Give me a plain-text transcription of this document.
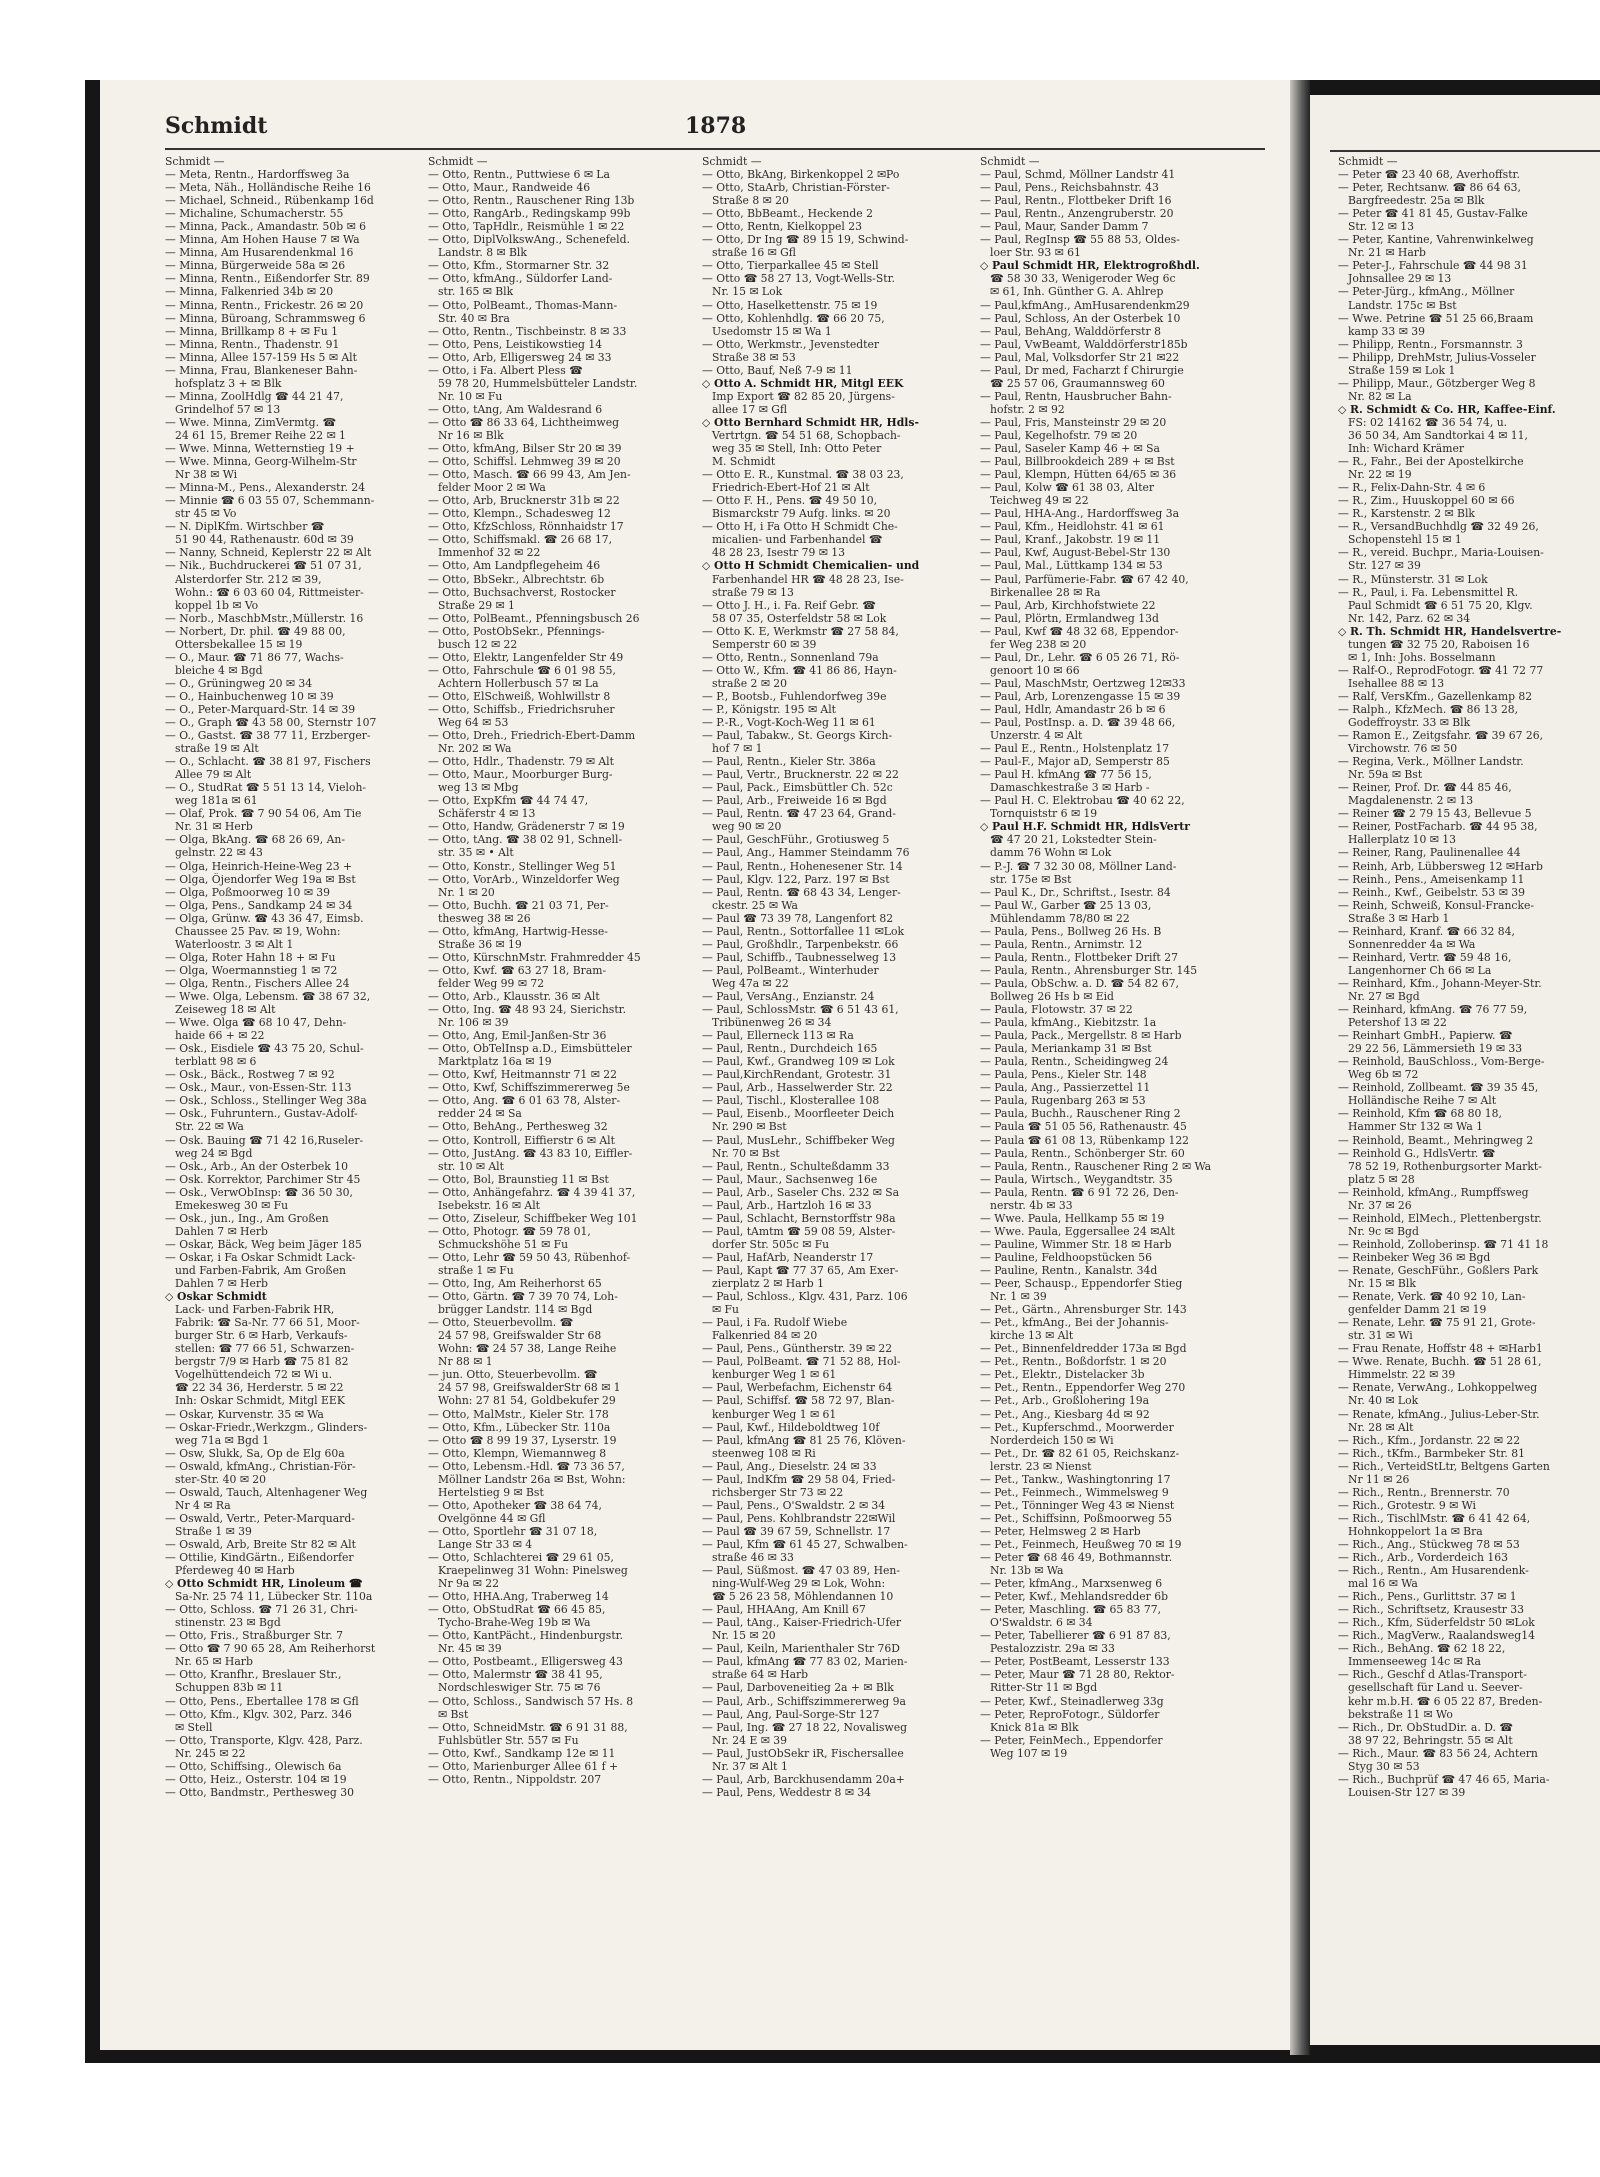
Schmidt	1878
Schmidt —
— Meta, Rentn., Hardorffsweg 3a
— Meta, Näh., Holländische Reihe 16
— Michael, Schneid., Rübenkamp 16d
— Michaline, Schumacherstr. 55
— Minna, Pack., Amandastr. 50b ✉ 6
— Minna, Am Hohen Hause 7 ✉ Wa
— Minna, Am Husarendenkmal 16
— Minna, Bürgerweide 58a ✉ 26
— Minna, Rentn., Eißendorfer Str. 89
— Minna, Falkenried 34b ✉ 20
— Minna, Rentn., Frickestr. 26 ✉ 20
— Minna, Büroang, Schrammsweg 6
— Minna, Brillkamp 8 + ✉ Fu 1
— Minna, Rentn., Thadenstr. 91
— Minna, Allee 157-159 Hs 5 ✉ Alt
— Minna, Frau, Blankeneser Bahn-
hofsplatz 3 + ✉ Blk
— Minna, ZoolHdlg ☎ 44 21 47,
Grindelhof 57 ✉ 13
— Wwe. Minna, ZimVermtg. ☎
24 61 15, Bremer Reihe 22 ✉ 1
— Wwe. Minna, Wetternstieg 19 +
— Wwe. Minna, Georg-Wilhelm-Str
Nr 38 ✉ Wi
— Minna-M., Pens., Alexanderstr. 24
— Minnie ☎ 6 03 55 07, Schemmann-
str 45 ✉ Vo
— N. DiplKfm. Wirtschber ☎
51 90 44, Rathenaustr. 60d ✉ 39
— Nanny, Schneid, Keplerstr 22 ✉ Alt
— Nik., Buchdruckerei ☎ 51 07 31,
Alsterdorfer Str. 212 ✉ 39,
Wohn.: ☎ 6 03 60 04, Rittmeister-
koppel 1b ✉ Vo
— Norb., MaschbMstr.,Müllerstr. 16
— Norbert, Dr. phil. ☎ 49 88 00,
Ottersbekallee 15 ✉ 19
— O., Maur. ☎ 71 86 77, Wachs-
bleiche 4 ✉ Bgd
— O., Grüningweg 20 ✉ 34
— O., Hainbuchenweg 10 ✉ 39
— O., Peter-Marquard-Str. 14 ✉ 39
— O., Graph ☎ 43 58 00, Sternstr 107
— O., Gastst. ☎ 38 77 11, Erzberger-
straße 19 ✉ Alt
— O., Schlacht. ☎ 38 81 97, Fischers
Allee 79 ✉ Alt
— O., StudRat ☎ 5 51 13 14, Vieloh-
weg 181a ✉ 61
— Olaf, Prok. ☎ 7 90 54 06, Am Tie
Nr. 31 ✉ Herb
— Olga, BkAng. ☎ 68 26 69, An-
gelnstr. 22 ✉ 43
— Olga, Heinrich-Heine-Weg 23 +
— Olga, Öjendorfer Weg 19a ✉ Bst
— Olga, Poßmoorweg 10 ✉ 39
— Olga, Pens., Sandkamp 24 ✉ 34
— Olga, Grünw. ☎ 43 36 47, Eimsb.
Chaussee 25 Pav. ✉ 19, Wohn:
Waterloostr. 3 ✉ Alt 1
— Olga, Roter Hahn 18 + ✉ Fu
— Olga, Woermannstieg 1 ✉ 72
— Olga, Rentn., Fischers Allee 24
— Wwe. Olga, Lebensm. ☎ 38 67 32,
Zeiseweg 18 ✉ Alt
— Wwe. Olga ☎ 68 10 47, Dehn-
haide 66 + ✉ 22
— Osk., Eisdiele ☎ 43 75 20, Schul-
terblatt 98 ✉ 6
— Osk., Bäck., Rostweg 7 ✉ 92
— Osk., Maur., von-Essen-Str. 113
— Osk., Schloss., Stellinger Weg 38a
— Osk., Fuhruntern., Gustav-Adolf-
Str. 22 ✉ Wa
— Osk. Bauing ☎ 71 42 16,Ruseler-
weg 24 ✉ Bgd
— Osk., Arb., An der Osterbek 10
— Osk. Korrektor, Parchimer Str 45
— Osk., VerwObInsp: ☎ 36 50 30,
Emekesweg 30 ✉ Fu
— Osk., jun., Ing., Am Großen
Dahlen 7 ✉ Herb
— Oskar, Bäck, Weg beim Jäger 185
— Oskar, i Fa Oskar Schmidt Lack-
und Farben-Fabrik, Am Großen
Dahlen 7 ✉ Herb
◇ Oskar Schmidt
Lack- und Farben-Fabrik HR,
Fabrik: ☎ Sa-Nr. 77 66 51, Moor-
burger Str. 6 ✉ Harb, Verkaufs-
stellen: ☎ 77 66 51, Schwarzen-
bergstr 7/9 ✉ Harb ☎ 75 81 82
Vogelhüttendeich 72 ✉ Wi u.
☎ 22 34 36, Herderstr. 5 ✉ 22
Inh: Oskar Schmidt, Mitgl EEK
— Oskar, Kurvenstr. 35 ✉ Wa
— Oskar-Friedr.,Werkzgm., Glinders-
weg 71a ✉ Bgd 1
— Osw, Slukk, Sa, Op de Elg 60a
— Oswald, kfmAng., Christian-För-
ster-Str. 40 ✉ 20
— Oswald, Tauch, Altenhagener Weg
Nr 4 ✉ Ra
— Oswald, Vertr., Peter-Marquard-
Straße 1 ✉ 39
— Oswald, Arb, Breite Str 82 ✉ Alt
— Ottilie, KindGärtn., Eißendorfer
Pferdeweg 40 ✉ Harb
◇ Otto Schmidt HR, Linoleum ☎
Sa-Nr. 25 74 11, Lübecker Str. 110a
— Otto, Schloss. ☎ 71 26 31, Chri-
stinenstr. 23 ✉ Bgd
— Otto, Fris., Straßburger Str. 7
— Otto ☎ 7 90 65 28, Am Reiherhorst
Nr. 65 ✉ Harb
— Otto, Kranfhr., Breslauer Str.,
Schuppen 83b ✉ 11
— Otto, Pens., Ebertallee 178 ✉ Gfl
— Otto, Kfm., Klgv. 302, Parz. 346
✉ Stell
— Otto, Transporte, Klgv. 428, Parz.
Nr. 245 ✉ 22
— Otto, Schiffsing., Olewisch 6a
— Otto, Heiz., Osterstr. 104 ✉ 19
— Otto, Bandmstr., Perthesweg 30
Schmidt —
— Otto, Rentn., Puttwiese 6 ✉ La
— Otto, Maur., Randweide 46
— Otto, Rentn., Rauschener Ring 13b
— Otto, RangArb., Redingskamp 99b
— Otto, TapHdlr., Reismühle 1 ✉ 22
— Otto, DiplVolkswAng., Schenefeld.
Landstr. 8 ✉ Blk
— Otto, Kfm., Stormarner Str. 32
— Otto, kfmAng., Süldorfer Land-
str. 165 ✉ Blk
— Otto, PolBeamt., Thomas-Mann-
Str. 40 ✉ Bra
— Otto, Rentn., Tischbeinstr. 8 ✉ 33
— Otto, Pens, Leistikowstieg 14
— Otto, Arb, Elligersweg 24 ✉ 33
— Otto, i Fa. Albert Pless ☎
59 78 20, Hummelsbütteler Landstr.
Nr. 10 ✉ Fu
— Otto, tAng, Am Waldesrand 6
— Otto ☎ 86 33 64, Lichtheimweg
Nr 16 ✉ Blk
— Otto, kfmAng, Bilser Str 20 ✉ 39
— Otto, Schiffsl. Lehmweg 39 ✉ 20
— Otto, Masch. ☎ 66 99 43, Am Jen-
felder Moor 2 ✉ Wa
— Otto, Arb, Brucknerstr 31b ✉ 22
— Otto, Klempn., Schadesweg 12
— Otto, KfzSchloss, Rönnhaidstr 17
— Otto, Schiffsmakl. ☎ 26 68 17,
Immenhof 32 ✉ 22
— Otto, Am Landpflegeheim 46
— Otto, BbSekr., Albrechtstr. 6b
— Otto, Buchsachverst, Rostocker
Straße 29 ✉ 1
— Otto, PolBeamt., Pfenningsbusch 26
— Otto, PostObSekr., Pfennings-
busch 12 ✉ 22
— Otto, Elektr, Langenfelder Str 49
— Otto, Fahrschule ☎ 6 01 98 55,
Achtern Hollerbusch 57 ✉ La
— Otto, ElSchweiß, Wohlwillstr 8
— Otto, Schiffsb., Friedrichsruher
Weg 64 ✉ 53
— Otto, Dreh., Friedrich-Ebert-Damm
Nr. 202 ✉ Wa
— Otto, Hdlr., Thadenstr. 79 ✉ Alt
— Otto, Maur., Moorburger Burg-
weg 13 ✉ Mbg
— Otto, ExpKfm ☎ 44 74 47,
Schäferstr 4 ✉ 13
— Otto, Handw, Grädenerstr 7 ✉ 19
— Otto, tAng. ☎ 38 02 91, Schnell-
str. 35 ✉ • Alt
— Otto, Konstr., Stellinger Weg 51
— Otto, VorArb., Winzeldorfer Weg
Nr. 1 ✉ 20
— Otto, Buchh. ☎ 21 03 71, Per-
thesweg 38 ✉ 26
— Otto, kfmAng, Hartwig-Hesse-
Straße 36 ✉ 19
— Otto, KürschnMstr. Frahmredder 45
— Otto, Kwf. ☎ 63 27 18, Bram-
felder Weg 99 ✉ 72
— Otto, Arb., Klausstr. 36 ✉ Alt
— Otto, Ing. ☎ 48 93 24, Sierichstr.
Nr. 106 ✉ 39
— Otto, Ang, Emil-Janßen-Str 36
— Otto, ObTelInsp a.D., Eimsbütteler
Marktplatz 16a ✉ 19
— Otto, Kwf, Heitmannstr 71 ✉ 22
— Otto, Kwf, Schiffszimmererweg 5e
— Otto, Ang. ☎ 6 01 63 78, Alster-
redder 24 ✉ Sa
— Otto, BehAng., Perthesweg 32
— Otto, Kontroll, Eiffierstr 6 ✉ Alt
— Otto, JustAng. ☎ 43 83 10, Eiffler-
str. 10 ✉ Alt
— Otto, Bol, Braunstieg 11 ✉ Bst
— Otto, Anhängefahrz. ☎ 4 39 41 37,
Isebekstr. 16 ✉ Alt
— Otto, Ziseleur, Schiffbeker Weg 101
— Otto, Photogr. ☎ 59 78 01,
Schmuckshöhe 51 ✉ Fu
— Otto, Lehr ☎ 59 50 43, Rübenhof-
straße 1 ✉ Fu
— Otto, Ing, Am Reiherhorst 65
— Otto, Gärtn. ☎ 7 39 70 74, Loh-
brügger Landstr. 114 ✉ Bgd
— Otto, Steuerbevollm. ☎
24 57 98, Greifswalder Str 68
Wohn: ☎ 24 57 38, Lange Reihe
Nr 88 ✉ 1
— jun. Otto, Steuerbevollm. ☎
24 57 98, GreifswalderStr 68 ✉ 1
Wohn: 27 81 54, Goldbekufer 29
— Otto, MalMstr., Kieler Str. 178
— Otto, Kfm., Lübecker Str. 110a
— Otto ☎ 8 99 19 37, Lyserstr. 19
— Otto, Klempn, Wiemannweg 8
— Otto, Lebensm.-Hdl. ☎ 73 36 57,
Möllner Landstr 26a ✉ Bst, Wohn:
Hertelstieg 9 ✉ Bst
— Otto, Apotheker ☎ 38 64 74,
Ovelgönne 44 ✉ Gfl
— Otto, Sportlehr ☎ 31 07 18,
Lange Str 33 ✉ 4
— Otto, Schlachterei ☎ 29 61 05,
Kraepelinweg 31 Wohn: Pinelsweg
Nr 9a ✉ 22
— Otto, HHA.Ang, Traberweg 14
— Otto, ObStudRat ☎ 66 45 85,
Tycho-Brahe-Weg 19b ✉ Wa
— Otto, KantPächt., Hindenburgstr.
Nr. 45 ✉ 39
— Otto, Postbeamt., Elligersweg 43
— Otto, Malermstr ☎ 38 41 95,
Nordschleswiger Str. 75 ✉ 76
— Otto, Schloss., Sandwisch 57 Hs. 8
✉ Bst
— Otto, SchneidMstr. ☎ 6 91 31 88,
Fuhlsbütler Str. 557 ✉ Fu
— Otto, Kwf., Sandkamp 12e ✉ 11
— Otto, Marienburger Allee 61 f +
— Otto, Rentn., Nippoldstr. 207
Schmidt —
— Otto, BkAng, Birkenkoppel 2 ✉Po
— Otto, StaArb, Christian-Förster-
Straße 8 ✉ 20
— Otto, BbBeamt., Heckende 2
— Otto, Rentn, Kielkoppel 23
— Otto, Dr Ing ☎ 89 15 19, Schwind-
straße 16 ✉ Gfl
— Otto, Tierparkallee 45 ✉ Stell
— Otto ☎ 58 27 13, Vogt-Wells-Str.
Nr. 15 ✉ Lok
— Otto, Haselkettenstr. 75 ✉ 19
— Otto, Kohlenhdlg. ☎ 66 20 75,
Usedomstr 15 ✉ Wa 1
— Otto, Werkmstr., Jevenstedter
Straße 38 ✉ 53
— Otto, Bauf, Neß 7-9 ✉ 11
◇ Otto A. Schmidt HR, Mitgl EEK
Imp Export ☎ 82 85 20, Jürgens-
allee 17 ✉ Gfl
◇ Otto Bernhard Schmidt HR, Hdls-
Vertrtgn. ☎ 54 51 68, Schopbach-
weg 35 ✉ Stell, Inh: Otto Peter
M. Schmidt
— Otto E. R., Kunstmal. ☎ 38 03 23,
Friedrich-Ebert-Hof 21 ✉ Alt
— Otto F. H., Pens. ☎ 49 50 10,
Bismarckstr 79 Aufg. links. ✉ 20
— Otto H, i Fa Otto H Schmidt Che-
micalien- und Farbenhandel ☎
48 28 23, Isestr 79 ✉ 13
◇ Otto H Schmidt Chemicalien- und
Farbenhandel HR ☎ 48 28 23, Ise-
straße 79 ✉ 13
— Otto J. H., i. Fa. Reif Gebr. ☎
58 07 35, Osterfeldstr 58 ✉ Lok
— Otto K. E, Werkmstr ☎ 27 58 84,
Semperstr 60 ✉ 39
— Otto, Rentn., Sonnenland 79a
— Otto W., Kfm. ☎ 41 86 86, Hayn-
straße 2 ✉ 20
— P., Bootsb., Fuhlendorfweg 39e
— P., Königstr. 195 ✉ Alt
— P.-R., Vogt-Koch-Weg 11 ✉ 61
— Paul, Tabakw., St. Georgs Kirch-
hof 7 ✉ 1
— Paul, Rentn., Kieler Str. 386a
— Paul, Vertr., Brucknerstr. 22 ✉ 22
— Paul, Pack., Eimsbüttler Ch. 52c
— Paul, Arb., Freiweide 16 ✉ Bgd
— Paul, Rentn. ☎ 47 23 64, Grand-
weg 90 ✉ 20
— Paul, GeschFühr., Grotiusweg 5
— Paul, Ang., Hammer Steindamm 76
— Paul, Rentn., Hohenesener Str. 14
— Paul, Klgv. 122, Parz. 197 ✉ Bst
— Paul, Rentn. ☎ 68 43 34, Lenger-
ckestr. 25 ✉ Wa
— Paul ☎ 73 39 78, Langenfort 82
— Paul, Rentn., Sottorfallee 11 ✉Lok
— Paul, Großhdlr., Tarpenbekstr. 66
— Paul, Schiffb., Taubnesselweg 13
— Paul, PolBeamt., Winterhuder
Weg 47a ✉ 22
— Paul, VersAng., Enzianstr. 24
— Paul, SchlossMstr. ☎ 6 51 43 61,
Tribünenweg 26 ✉ 34
— Paul, Ellerneck 113 ✉ Ra
— Paul, Rentn., Durchdeich 165
— Paul, Kwf., Grandweg 109 ✉ Lok
— Paul,KirchRendant, Grotestr. 31
— Paul, Arb., Hasselwerder Str. 22
— Paul, Tischl., Klosterallee 108
— Paul, Eisenb., Moorfleeter Deich
Nr. 290 ✉ Bst
— Paul, MusLehr., Schiffbeker Weg
Nr. 70 ✉ Bst
— Paul, Rentn., Schulteßdamm 33
— Paul, Maur., Sachsenweg 16e
— Paul, Arb., Saseler Chs. 232 ✉ Sa
— Paul, Arb., Hartzloh 16 ✉ 33
— Paul, Schlacht, Bernstorffstr 98a
— Paul, tAmtm ☎ 59 08 59, Alster-
dorfer Str. 505c ✉ Fu
— Paul, HafArb, Neanderstr 17
— Paul, Kapt ☎ 77 37 65, Am Exer-
zierplatz 2 ✉ Harb 1
— Paul, Schloss., Klgv. 431, Parz. 106
✉ Fu
— Paul, i Fa. Rudolf Wiebe
Falkenried 84 ✉ 20
— Paul, Pens., Güntherstr. 39 ✉ 22
— Paul, PolBeamt. ☎ 71 52 88, Hol-
kenburger Weg 1 ✉ 61
— Paul, Werbefachm, Eichenstr 64
— Paul, Schiffsf. ☎ 58 72 97, Blan-
kenburger Weg 1 ✉ 61
— Paul, Kwf., Hildeboldtweg 10f
— Paul, kfmAng ☎ 81 25 76, Klöven-
steenweg 108 ✉ Ri
— Paul, Ang., Dieselstr. 24 ✉ 33
— Paul, IndKfm ☎ 29 58 04, Fried-
richsberger Str 73 ✉ 22
— Paul, Pens., O'Swaldstr. 2 ✉ 34
— Paul, Pens. Kohlbrandstr 22✉Wil
— Paul ☎ 39 67 59, Schnellstr. 17
— Paul, Kfm ☎ 61 45 27, Schwalben-
straße 46 ✉ 33
— Paul, Süßmost. ☎ 47 03 89, Hen-
ning-Wulf-Weg 29 ✉ Lok, Wohn:
☎ 5 26 23 58, Möhlendannen 10
— Paul, HHAAng, Am Knill 67
— Paul, tAng., Kaiser-Friedrich-Ufer
Nr. 15 ✉ 20
— Paul, Keiln, Marienthaler Str 76D
— Paul, kfmAng ☎ 77 83 02, Marien-
straße 64 ✉ Harb
— Paul, Darboveneitieg 2a + ✉ Blk
— Paul, Arb., Schiffszimmererweg 9a
— Paul, Ang, Paul-Sorge-Str 127
— Paul, Ing. ☎ 27 18 22, Novalisweg
Nr. 24 E ✉ 39
— Paul, JustObSekr iR, Fischersallee
Nr. 37 ✉ Alt 1
— Paul, Arb, Barckhusendamm 20a+
— Paul, Pens, Weddestr 8 ✉ 34
Schmidt —
— Paul, Schmd, Möllner Landstr 41
— Paul, Pens., Reichsbahnstr. 43
— Paul, Rentn., Flottbeker Drift 16
— Paul, Rentn., Anzengruberstr. 20
— Paul, Maur, Sander Damm 7
— Paul, RegInsp ☎ 55 88 53, Oldes-
loer Str. 93 ✉ 61
◇ Paul Schmidt HR, Elektrogroßhdl.
☎ 58 30 33, Wenigeroder Weg 6c
✉ 61, Inh. Günther G. A. Ahlrep
— Paul,kfmAng., AmHusarendenkm29
— Paul, Schloss, An der Osterbek 10
— Paul, BehAng, Walddörferstr 8
— Paul, VwBeamt, Walddörferstr185b
— Paul, Mal, Volksdorfer Str 21 ✉22
— Paul, Dr med, Facharzt f Chirurgie
☎ 25 57 06, Graumannsweg 60
— Paul, Rentn, Hausbrucher Bahn-
hofstr. 2 ✉ 92
— Paul, Fris, Mansteinstr 29 ✉ 20
— Paul, Kegelhofstr. 79 ✉ 20
— Paul, Saseler Kamp 46 + ✉ Sa
— Paul, Billbrookdeich 289 + ✉ Bst
— Paul, Klempn, Hütten 64/65 ✉ 36
— Paul, Kolw ☎ 61 38 03, Alter
Teichweg 49 ✉ 22
— Paul, HHA-Ang., Hardorffsweg 3a
— Paul, Kfm., Heidlohstr. 41 ✉ 61
— Paul, Kranf., Jakobstr. 19 ✉ 11
— Paul, Kwf, August-Bebel-Str 130
— Paul, Mal., Lüttkamp 134 ✉ 53
— Paul, Parfümerie-Fabr. ☎ 67 42 40,
Birkenallee 28 ✉ Ra
— Paul, Arb, Kirchhofstwiete 22
— Paul, Plörtn, Ermlandweg 13d
— Paul, Kwf ☎ 48 32 68, Eppendor-
fer Weg 238 ✉ 20
— Paul, Dr., Lehr. ☎ 6 05 26 71, Rö-
genoort 10 ✉ 66
— Paul, MaschMstr, Oertzweg 12✉33
— Paul, Arb, Lorenzengasse 15 ✉ 39
— Paul, Hdlr, Amandastr 26 b ✉ 6
— Paul, PostInsp. a. D. ☎ 39 48 66,
Unzerstr. 4 ✉ Alt
— Paul E., Rentn., Holstenplatz 17
— Paul-F., Major aD, Semperstr 85
— Paul H. kfmAng ☎ 77 56 15,
Damaschkestraße 3 ✉ Harb -
— Paul H. C. Elektrobau ☎ 40 62 22,
Tornquiststr 6 ✉ 19
◇ Paul H.F. Schmidt HR, HdlsVertr
☎ 47 20 21, Lokstedter Stein-
damm 76 Wohn ✉ Lok
— P.-J. ☎ 7 32 30 08, Möllner Land-
str. 175e ✉ Bst
— Paul K., Dr., Schriftst., Isestr. 84
— Paul W., Garber ☎ 25 13 03,
Mühlendamm 78/80 ✉ 22
— Paula, Pens., Bollweg 26 Hs. B
— Paula, Rentn., Arnimstr. 12
— Paula, Rentn., Flottbeker Drift 27
— Paula, Rentn., Ahrensburger Str. 145
— Paula, ObSchw. a. D. ☎ 54 82 67,
Bollweg 26 Hs b ✉ Eid
— Paula, Flotowstr. 37 ✉ 22
— Paula, kfmAng., Kiebitzstr. 1a
— Paula, Pack., Mergellstr. 8 ✉ Harb
— Paula, Meriankamp 31 ✉ Bst
— Paula, Rentn., Scheidingweg 24
— Paula, Pens., Kieler Str. 148
— Paula, Ang., Passierzettel 11
— Paula, Rugenbarg 263 ✉ 53
— Paula, Buchh., Rauschener Ring 2
— Paula ☎ 51 05 56, Rathenaustr. 45
— Paula ☎ 61 08 13, Rübenkamp 122
— Paula, Rentn., Schönberger Str. 60
— Paula, Rentn., Rauschener Ring 2 ✉ Wa
— Paula, Wirtsch., Weygandtstr. 35
— Paula, Rentn. ☎ 6 91 72 26, Den-
nerstr. 4b ✉ 33
— Wwe. Paula, Hellkamp 55 ✉ 19
— Wwe. Paula, Eggersallee 24 ✉Alt
— Pauline, Wimmer Str. 18 ✉ Harb
— Pauline, Feldhoopstücken 56
— Pauline, Rentn., Kanalstr. 34d
— Peer, Schausp., Eppendorfer Stieg
Nr. 1 ✉ 39
— Pet., Gärtn., Ahrensburger Str. 143
— Pet., kfmAng., Bei der Johannis-
kirche 13 ✉ Alt
— Pet., Binnenfeldredder 173a ✉ Bgd
— Pet., Rentn., Boßdorfstr. 1 ✉ 20
— Pet., Elektr., Distelacker 3b
— Pet., Rentn., Eppendorfer Weg 270
— Pet., Arb., Großlohering 19a
— Pet., Ang., Kiesbarg 4d ✉ 92
— Pet., Kupferschmd., Moorwerder
Norderdeich 150 ✉ Wi
— Pet., Dr. ☎ 82 61 05, Reichskanz-
lerstr. 23 ✉ Nienst
— Pet., Tankw., Washingtonring 17
— Pet., Feinmech., Wimmelsweg 9
— Pet., Tönninger Weg 43 ✉ Nienst
— Pet., Schiffsinn, Poßmoorweg 55
— Peter, Helmsweg 2 ✉ Harb
— Pet., Feinmech, Heußweg 70 ✉ 19
— Peter ☎ 68 46 49, Bothmannstr.
Nr. 13b ✉ Wa
— Peter, kfmAng., Marxsenweg 6
— Peter, Kwf., Mehlandsredder 6b
— Peter, Maschling. ☎ 65 83 77,
O'Swaldstr. 6 ✉ 34
— Peter, Tabellierer ☎ 6 91 87 83,
Pestalozzistr. 29a ✉ 33
— Peter, PostBeamt, Lesserstr 133
— Peter, Maur ☎ 71 28 80, Rektor-
Ritter-Str 11 ✉ Bgd
— Peter, Kwf., Steinadlerweg 33g
— Peter, ReproFotogr., Süldorfer
Knick 81a ✉ Blk
— Peter, FeinMech., Eppendorfer
Weg 107 ✉ 19
Schmidt —
— Peter ☎ 23 40 68, Averhoffstr.
— Peter, Rechtsanw. ☎ 86 64 63,
Bargfreedestr. 25a ✉ Blk
— Peter ☎ 41 81 45, Gustav-Falke
Str. 12 ✉ 13
— Peter, Kantine, Vahrenwinkelweg
Nr. 21 ✉ Harb
— Peter-J., Fahrschule ☎ 44 98 31
Johnsallee 29 ✉ 13
— Peter-Jürg., kfmAng., Möllner
Landstr. 175c ✉ Bst
— Wwe. Petrine ☎ 51 25 66,Braam
kamp 33 ✉ 39
— Philipp, Rentn., Forsmannstr. 3
— Philipp, DrehMstr, Julius-Vosseler
Straße 159 ✉ Lok 1
— Philipp, Maur., Götzberger Weg 8
Nr. 82 ✉ La
◇ R. Schmidt & Co. HR, Kaffee-Einf.
FS: 02 14162 ☎ 36 54 74, u.
36 50 34, Am Sandtorkai 4 ✉ 11,
Inh: Wichard Krämer
— R., Fahr., Bei der Apostelkirche
Nr. 22 ✉ 19
— R., Felix-Dahn-Str. 4 ✉ 6
— R., Zim., Huuskoppel 60 ✉ 66
— R., Karstenstr. 2 ✉ Blk
— R., VersandBuchhdlg ☎ 32 49 26,
Schopenstehl 15 ✉ 1
— R., vereid. Buchpr., Maria-Louisen-
Str. 127 ✉ 39
— R., Münsterstr. 31 ✉ Lok
— R., Paul, i. Fa. Lebensmittel R.
Paul Schmidt ☎ 6 51 75 20, Klgv.
Nr. 142, Parz. 62 ✉ 34
◇ R. Th. Schmidt HR, Handelsvertre-
tungen ☎ 32 75 20, Raboisen 16
✉ 1, Inh: Johs. Bosselmann
— Ralf-O., ReprodFotogr. ☎ 41 72 77
Isehallee 88 ✉ 13
— Ralf, VersKfm., Gazellenkamp 82
— Ralph., KfzMech. ☎ 86 13 28,
Godeffroystr. 33 ✉ Blk
— Ramon E., Zeitgsfahr. ☎ 39 67 26,
Virchowstr. 76 ✉ 50
— Regina, Verk., Möllner Landstr.
Nr. 59a ✉ Bst
— Reiner, Prof. Dr. ☎ 44 85 46,
Magdalenenstr. 2 ✉ 13
— Reiner ☎ 2 79 15 43, Bellevue 5
— Reiner, PostFacharb. ☎ 44 95 38,
Hallerplatz 10 ✉ 13
— Reiner, Rang, Paulinenallee 44
— Reinh, Arb, Lübbersweg 12 ✉Harb
— Reinh., Pens., Ameisenkamp 11
— Reinh., Kwf., Geibelstr. 53 ✉ 39
— Reinh, Schweiß, Konsul-Francke-
Straße 3 ✉ Harb 1
— Reinhard, Kranf. ☎ 66 32 84,
Sonnenredder 4a ✉ Wa
— Reinhard, Vertr. ☎ 59 48 16,
Langenhorner Ch 66 ✉ La
— Reinhard, Kfm., Johann-Meyer-Str.
Nr. 27 ✉ Bgd
— Reinhard, kfmAng. ☎ 76 77 59,
Petershof 13 ✉ 22
— Reinhart GmbH., Papierw. ☎
29 22 56, Lämmersieth 19 ✉ 33
— Reinhold, BauSchloss., Vom-Berge-
Weg 6b ✉ 72
— Reinhold, Zollbeamt. ☎ 39 35 45,
Holländische Reihe 7 ✉ Alt
— Reinhold, Kfm ☎ 68 80 18,
Hammer Str 132 ✉ Wa 1
— Reinhold, Beamt., Mehringweg 2
— Reinhold G., HdlsVertr. ☎
78 52 19, Rothenburgsorter Markt-
platz 5 ✉ 28
— Reinhold, kfmAng., Rumpffsweg
Nr. 37 ✉ 26
— Reinhold, ElMech., Plettenbergstr.
Nr. 9c ✉ Bgd
— Reinhold, Zolloberinsp. ☎ 71 41 18
— Reinbeker Weg 36 ✉ Bgd
— Renate, GeschFühr., Goßlers Park
Nr. 15 ✉ Blk
— Renate, Verk. ☎ 40 92 10, Lan-
genfelder Damm 21 ✉ 19
— Renate, Lehr. ☎ 75 91 21, Grote-
str. 31 ✉ Wi
— Frau Renate, Hoffstr 48 + ✉Harb1
— Wwe. Renate, Buchh. ☎ 51 28 61,
Himmelstr. 22 ✉ 39
— Renate, VerwAng., Lohkoppelweg
Nr. 40 ✉ Lok
— Renate, kfmAng., Julius-Leber-Str.
Nr. 28 ✉ Alt
— Rich., Kfm., Jordanstr. 22 ✉ 22
— Rich., tKfm., Barmbeker Str. 81
— Rich., VerteidStLtr, Beltgens Garten
Nr 11 ✉ 26
— Rich., Rentn., Brennerstr. 70
— Rich., Grotestr. 9 ✉ Wi
— Rich., TischlMstr. ☎ 6 41 42 64,
Hohnkoppelort 1a ✉ Bra
— Rich., Ang., Stückweg 78 ✉ 53
— Rich., Arb., Vorderdeich 163
— Rich., Rentn., Am Husarendenk-
mal 16 ✉ Wa
— Rich., Pens., Gurlittstr. 37 ✉ 1
— Rich., Schriftsetz, Krausestr 33
— Rich., Kfm, Süderfeldstr 50 ✉Lok
— Rich., MagVerw., Raalandsweg14
— Rich., BehAng. ☎ 62 18 22,
Immenseeweg 14c ✉ Ra
— Rich., Geschf d Atlas-Transport-
gesellschaft für Land u. Seever-
kehr m.b.H. ☎ 6 05 22 87, Breden-
bekstraße 11 ✉ Wo
— Rich., Dr. ObStudDir. a. D. ☎
38 97 22, Behringstr. 55 ✉ Alt
— Rich., Maur. ☎ 83 56 24, Achtern
Styg 30 ✉ 53
— Rich., Buchprüf ☎ 47 46 65, Maria-
Louisen-Str 127 ✉ 39
